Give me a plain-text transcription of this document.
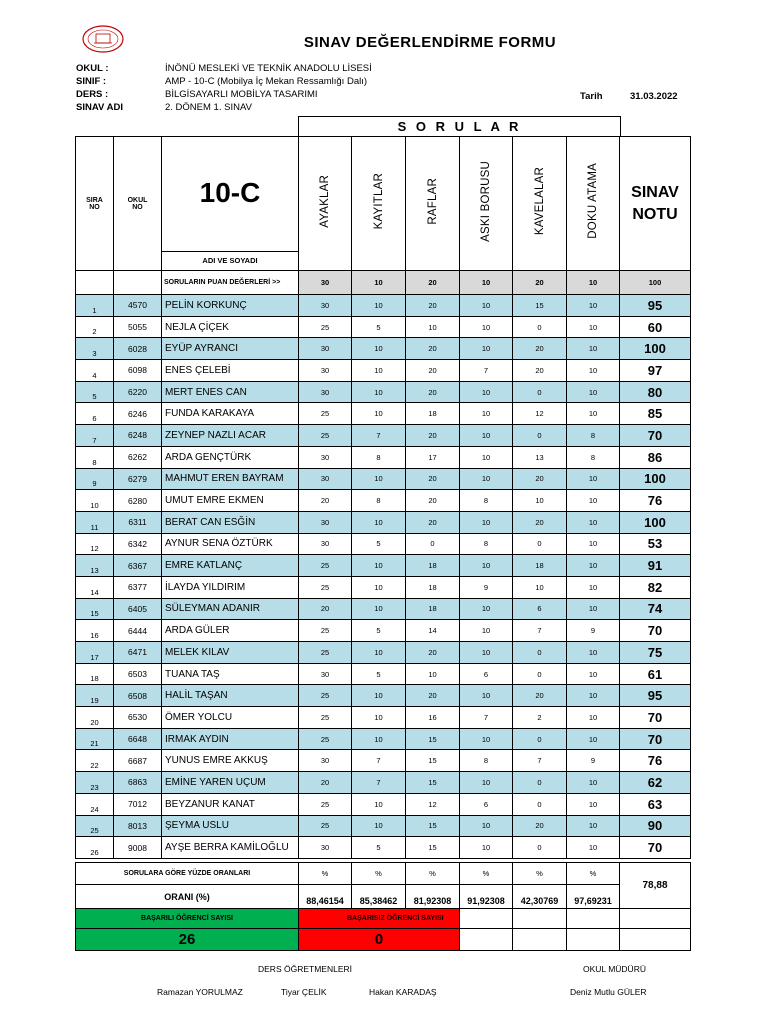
SINAV DEĞERLENDİRME FORMU
OKUL :	İNÖNÜ MESLEKİ VE TEKNİK ANADOLU LİSESİ
SINIF :	AMP - 10-C (Mobilya İç Mekan Ressamlığı Dalı)
DERS :	BİLGİSAYARLI MOBİLYA TASARIMI
SINAV ADI	2. DÖNEM 1. SINAV
Tarih	31.03.2022
S O R U L A R
SIRA NO	OKUL NO	10-C
ADI VE SOYADI	AYAKLAR	KAYITLAR	RAFLAR	ASKI BORUSU	KAVELALAR	DOKU ATAMA	SINAV NOTU
		SORULARIN PUAN DEĞERLERİ >>	30	10	20	10	20	10	100
1	4570	PELİN KORKUNÇ	30	10	20	10	15	10	95
2	5055	NEJLA ÇİÇEK	25	5	10	10	0	10	60
3	6028	EYÜP AYRANCI	30	10	20	10	20	10	100
4	6098	ENES ÇELEBİ	30	10	20	7	20	10	97
5	6220	MERT ENES CAN	30	10	20	10	0	10	80
6	6246	FUNDA KARAKAYA	25	10	18	10	12	10	85
7	6248	ZEYNEP NAZLI ACAR	25	7	20	10	0	8	70
8	6262	ARDA GENÇTÜRK	30	8	17	10	13	8	86
9	6279	MAHMUT EREN BAYRAM	30	10	20	10	20	10	100
10	6280	UMUT EMRE EKMEN	20	8	20	8	10	10	76
11	6311	BERAT CAN ESĞİN	30	10	20	10	20	10	100
12	6342	AYNUR SENA ÖZTÜRK	30	5	0	8	0	10	53
13	6367	EMRE KATLANÇ	25	10	18	10	18	10	91
14	6377	İLAYDA YILDIRIM	25	10	18	9	10	10	82
15	6405	SÜLEYMAN ADANIR	20	10	18	10	6	10	74
16	6444	ARDA GÜLER	25	5	14	10	7	9	70
17	6471	MELEK KILAV	25	10	20	10	0	10	75
18	6503	TUANA TAŞ	30	5	10	6	0	10	61
19	6508	HALİL TAŞAN	25	10	20	10	20	10	95
20	6530	ÖMER YOLCU	25	10	16	7	2	10	70
21	6648	IRMAK AYDIN	25	10	15	10	0	10	70
22	6687	YUNUS EMRE AKKUŞ	30	7	15	8	7	9	76
23	6863	EMİNE YAREN UÇUM	20	7	15	10	0	10	62
24	7012	BEYZANUR KANAT	25	10	12	6	0	10	63
25	8013	ŞEYMA USLU	25	10	15	10	20	10	90
26	9008	AYŞE BERRA KAMİLOĞLU	30	5	15	10	0	10	70
SORULARA GÖRE YÜZDE ORANLARI	%	%	%	%	%	%	78,88
ORANI (%)	88,46154	85,38462	81,92308	91,92308	42,30769	97,69231	
BAŞARILI ÖĞRENCİ SAYISI	BAŞARISIZ ÖĞRENCİ SAYISI						
26	0						
DERS ÖĞRETMENLERİ	OKUL MÜDÜRÜ
Ramazan YORULMAZ	Tiyar ÇELİK	Hakan KARADAŞ	Deniz Mutlu GÜLER
